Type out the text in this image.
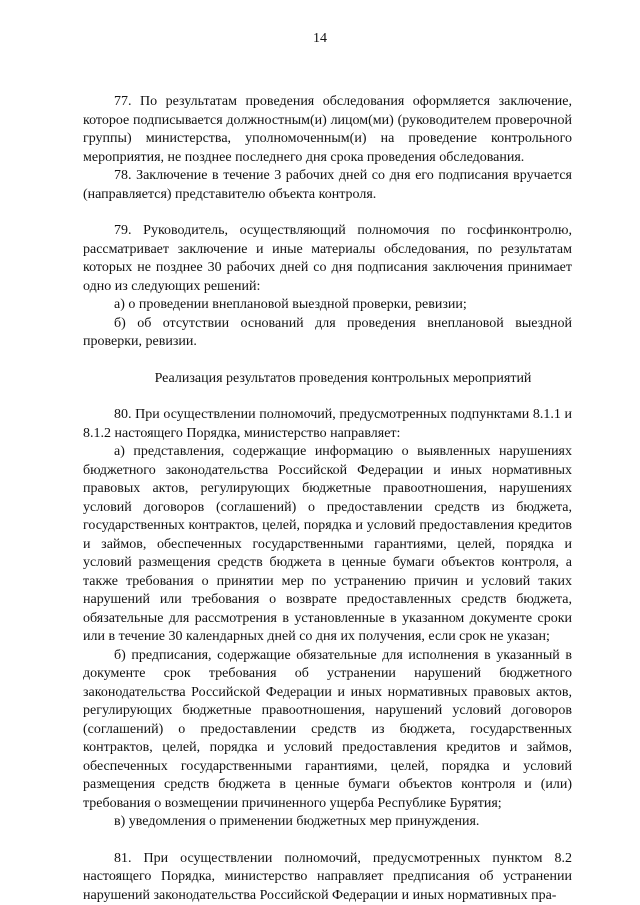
14

77. По результатам проведения обследования оформляется заключение, которое подписывается должностным(и) лицом(ми) (руководителем проверочной группы) министерства, уполномоченным(и) на проведение контрольного мероприятия, не позднее последнего дня срока проведения обследования.

78. Заключение в течение 3 рабочих дней со дня его подписания вручается (направляется) представителю объекта контроля.

79. Руководитель, осуществляющий полномочия по госфинконтролю, рассматривает заключение и иные материалы обследования, по результатам которых не позднее 30 рабочих дней со дня подписания заключения принимает одно из следующих решений:

а) о проведении внеплановой выездной проверки, ревизии;

б) об отсутствии оснований для проведения внеплановой выездной проверки, ревизии.

Реализация результатов проведения контрольных мероприятий

80. При осуществлении полномочий, предусмотренных подпунктами 8.1.1 и 8.1.2 настоящего Порядка, министерство направляет:

а) представления, содержащие информацию о выявленных нарушениях бюджетного законодательства Российской Федерации и иных нормативных правовых актов, регулирующих бюджетные правоотношения, нарушениях условий договоров (соглашений) о предоставлении средств из бюджета, государственных контрактов, целей, порядка и условий предоставления кредитов и займов, обеспеченных государственными гарантиями, целей, порядка и условий размещения средств бюджета в ценные бумаги объектов контроля, а также требования о принятии мер по устранению причин и условий таких нарушений или требования о возврате предоставленных средств бюджета, обязательные для рассмотрения в установленные в указанном документе сроки или в течение 30 календарных дней со дня их получения, если срок не указан;

б) предписания, содержащие обязательные для исполнения в указанный в документе срок требования об устранении нарушений бюджетного законодательства Российской Федерации и иных нормативных правовых актов, регулирующих бюджетные правоотношения, нарушений условий договоров (соглашений) о предоставлении средств из бюджета, государственных контрактов, целей, порядка и условий предоставления кредитов и займов, обеспеченных государственными гарантиями, целей, порядка и условий размещения средств бюджета в ценные бумаги объектов контроля и (или) требования о возмещении причиненного ущерба Республике Бурятия;

в) уведомления о применении бюджетных мер принуждения.

81. При осуществлении полномочий, предусмотренных пунктом 8.2 настоящего Порядка, министерство направляет предписания об устранении нарушений законодательства Российской Федерации и иных нормативных пра-
